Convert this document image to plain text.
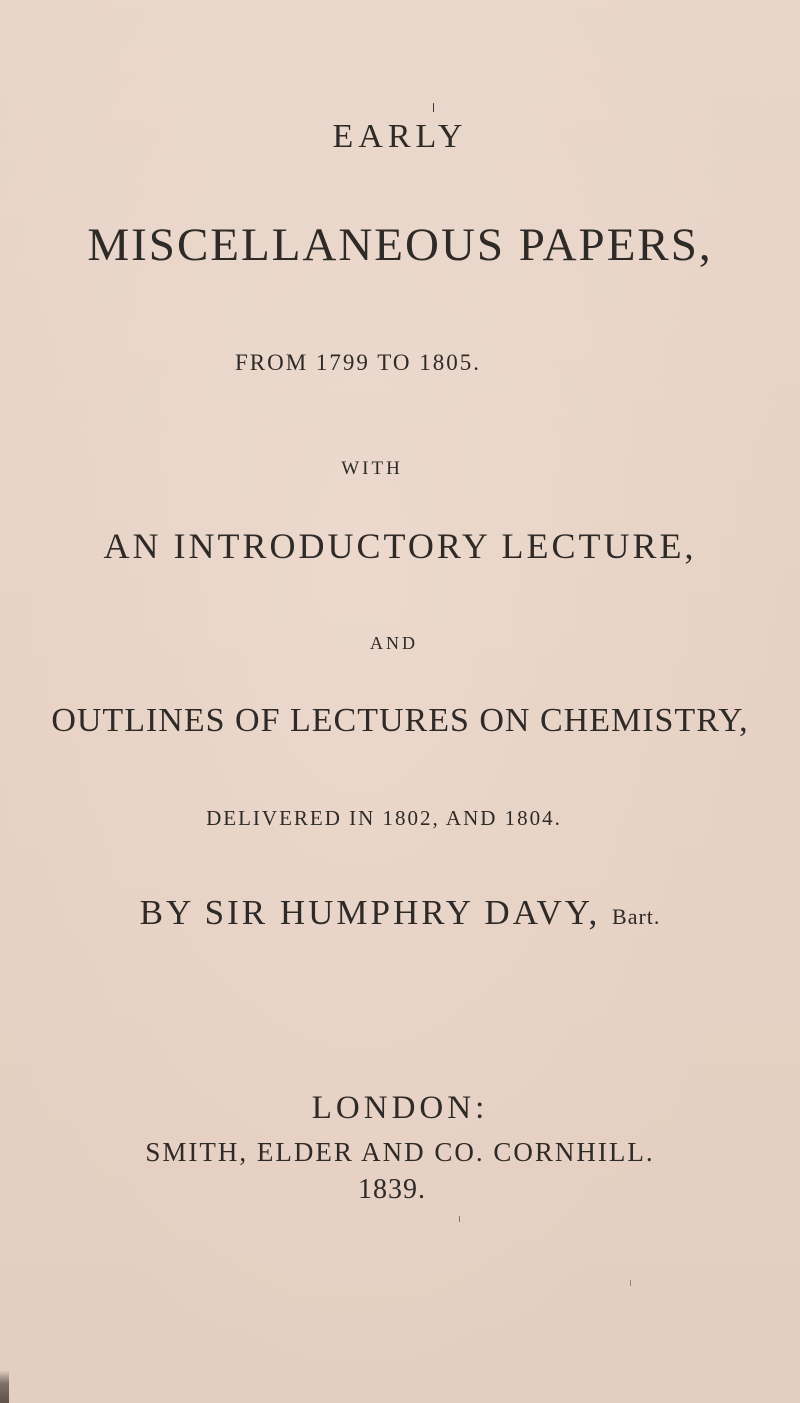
EARLY

MISCELLANEOUS PAPERS,

FROM 1799 TO 1805.

WITH

AN INTRODUCTORY LECTURE,

AND

OUTLINES OF LECTURES ON CHEMISTRY,

DELIVERED IN 1802, AND 1804.

BY SIR HUMPHRY DAVY, Bart.

LONDON:

SMITH, ELDER AND CO. CORNHILL.

1839.
